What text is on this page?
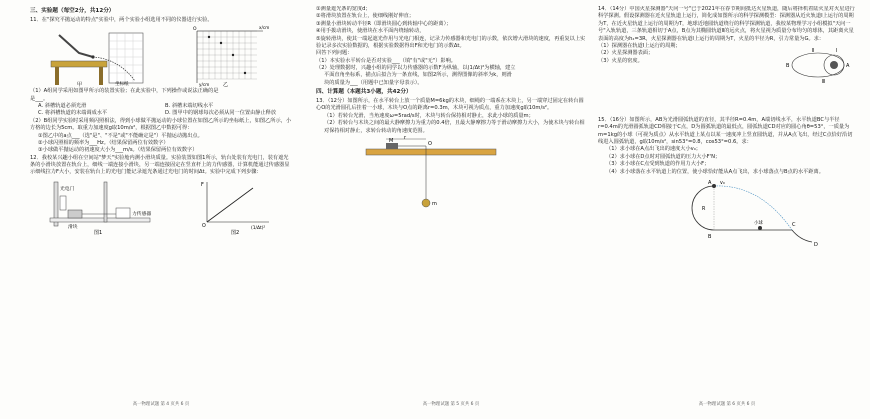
三、实验题（每空2分，共12分）

11．在"探究平抛运动的特点"实验中，两个实验小组选用不同的仪器进行实验。

坐标纸
甲
O	x/cm
y/cm	乙

（1）A组同学采用如图甲所示的装置实验；在此实验中，下列操作或说法正确的是

是___。

A. 斜槽轨道必须光滑	B. 斜槽末端切线水平
C. 将斜槽轨道的末端调成水平	D. 图甲中的钢球每次必须从同一位置由静止释放

（2）B组同学实验时采用频闪照相法，得到小球做平抛运动的小球位置在如图乙所示的坐标纸上，如图乙所示，小方格的边长为5cm。取重力加速度g取10m/s²，根据图乙中数据可得：

①图乙中的a点___（选"是"、"不是"或"不能确定是"）平抛运动抛出点。

②小球闪照相的频率为___Hz。（结果保留两位有效数字）

③小球做平抛运动的初速度大小为___m/s。（结果保留两位有效数字）

12．我校某兴趣小组在空间站"梦天"实验舱内测小滑块质量。实验装置如图1所示，轨台处装有光电门，装有遮光条的小滑块放置在轨台上，细线一端连接小滑块，另一端连接固定在竖直杆上的力传感器，计算机能通过传感器显示细线拉力F大小，安装在轨台上的光电门能记录遮光条通过光电门的时间Δt。实验中完成下列步骤：

光电门
力传感器
滑块
图1
F
O	(1/Δt)²
图2
高一物理试题 第 4 页共 6 页

①测量遮光条的宽度d；

②将滑块放置在轨台上，使细线刚好伸直；

③测量小滑块转动半径R（即滑块圆心到转轴中心的距离）；

④用手拨动滑块，使滑块在水平面内绕轴转动，

⑤旋转滑块，使其一端起遮光作用与光电门相连，记录力传感器和光电门的示数，依次增大滑块的速度，再重复以上实验记录多次实验数据的，根据实验数据得出F和光电门的示数Δt。

回答下列问题：

（1）本实验水平转台是否对实验___（填"有"或"无"）影响。

（2）处理数据时，兴趣小组的同学以力传感器的示数F为纵轴，以(1/Δt)²为横轴，建立

平面直角坐标系，描点后拟合为一条直线，如图2所示，测得图像的斜率为k，则滑

块的质量为___（用题中已知量字母表示）。

四、计算题（本题共3小题，共42分）

13．（12分）如图所示，在水平转台上放一个质量M=6kg的木块，细绳的一端系在木块上，另一端穿过固定在转台圆心O的光滑圆孔后挂着一小球，木块与O点的距离r=0.3m，木块可视为质点，重力加速度g取10m/s²。

（1）若转台光滑，当角速度ω=5rad/s时，木块与转台保持相对静止，求此小球的质量m；

（2）若转台与木块之间的最大静摩擦力为重力的0.4倍，且最大静摩擦力等于滑动摩擦力大小，为使木块与转台相对保持相对静止，求转台转动的角速度范围。

M	O
r
m
高一物理试题 第 5 页共 6 页

14．（14分）中国火星探测器"天问一号"已于2021年在春节期间抵达火星轨道，随后将择机着陆火星对火星进行科学探测。假设探测器在近火星轨道上运行，简化成如图所示的科学探测模型：探测器从近火轨道Ⅰ上运行的周期为T，在近火星轨道上运行的周期为T，地球近地圆轨道绕行的科学探测轨道，我校某物理学习小组模拟"天问一号"入轨轨道，三条轨道相切于A点，B点为其椭圆轨道Ⅱ的远火点，将火星视为质量分布均匀的球体，其距离火星表面的高度为h₂=3R，火星探测器在轨道Ⅰ上运行的周期为T，火星的半径为R，引力常量为G。求：

（1）探测器在轨道Ⅰ上运行的周期；

（2）火星探测器表面；

（3）火星的密度。

A
B
Ⅰ
Ⅱ
Ⅲ

15．（16分）如图所示，AB为光滑圆弧轨道的直径，其半径R=0.4m，A端切线水平，水平轨道BC与半径r=0.4m的光滑圆弧轨道CD相接于C点，D为圆弧轨道的最低点，圆弧轨道CD对应的圆心角θ=53°，一质量为m=1kg的小球（可视为质点）从水平轨道上某点以某一速度冲上竖直圆轨道，并从A点飞出，经过C点恰好沿切线进入圆弧轨道，g取10m/s²，sin53°=0.8，cos53°=0.6。求：

（1）求小球在A点出飞出的速度大小v₀；

（2）求小球在D点时对圆弧轨道的压力大小F'N；

（3）求小球在C点受到轨道的作用力大小F；

（4）求小球落在水平轨道上的位置，使小球恰好能从A点飞出，求小球落点与B点的水平距离。

A
B
C
D
v₀
R
小球
高一物理试题 第 6 页共 6 页
